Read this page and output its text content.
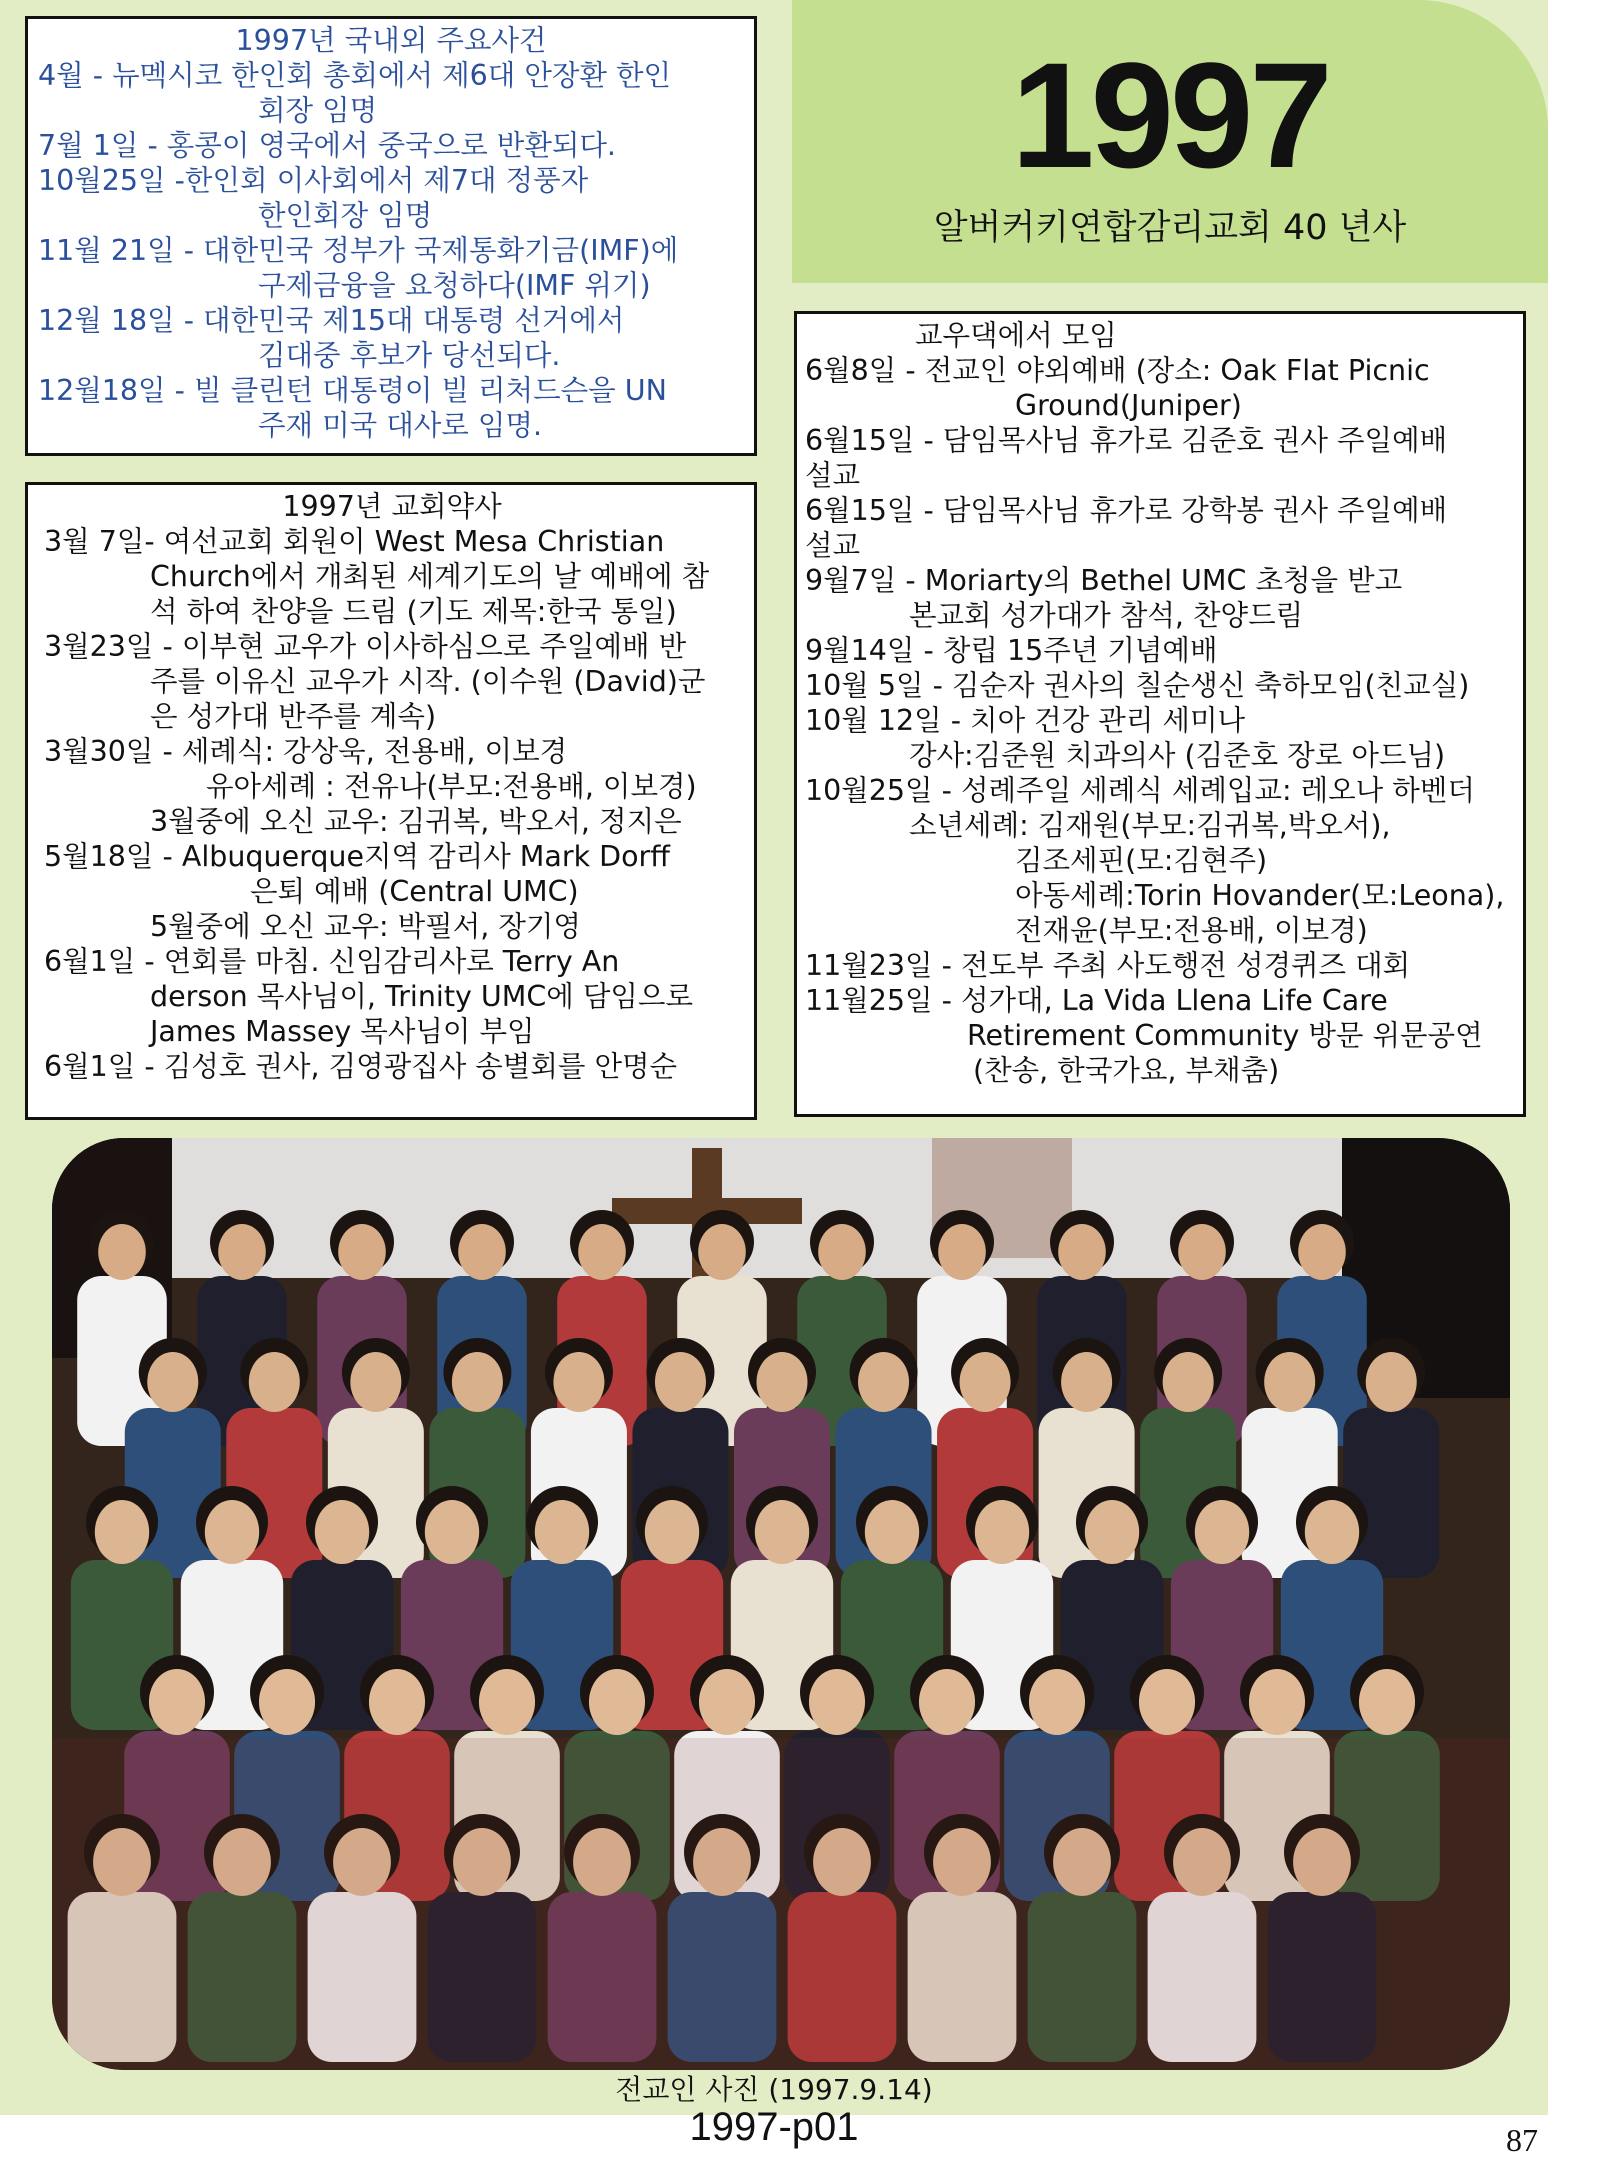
1997
알버커키연합감리교회 40 년사
1997년 국내외 주요사건
4월 - 뉴멕시코 한인회 총회에서 제6대 안장환 한인
회장 임명
7월 1일 - 홍콩이 영국에서 중국으로 반환되다.
10월25일 -한인회 이사회에서 제7대 정풍자
한인회장 임명
11월 21일 - 대한민국 정부가 국제통화기금(IMF)에
구제금융을 요청하다(IMF 위기)
12월 18일 - 대한민국 제15대 대통령 선거에서
김대중 후보가 당선되다.
12월18일 - 빌 클린턴 대통령이 빌 리처드슨을 UN
주재 미국 대사로 임명.
1997년 교회약사
3월 7일- 여선교회 회원이 West Mesa Christian
Church에서 개최된 세계기도의 날 예배에 참
석 하여 찬양을 드림 (기도 제목:한국 통일)
3월23일 - 이부현 교우가 이사하심으로 주일예배 반
주를 이유신 교우가 시작. (이수원 (David)군
은 성가대 반주를 계속)
3월30일 - 세례식: 강상욱, 전용배, 이보경
유아세례 : 전유나(부모:전용배, 이보경)
3월중에 오신 교우: 김귀복, 박오서, 정지은
5월18일 - Albuquerque지역 감리사 Mark Dorff
은퇴 예배 (Central UMC)
5월중에 오신 교우: 박필서, 장기영
6월1일 - 연회를 마침. 신임감리사로 Terry An
derson 목사님이, Trinity UMC에 담임으로
James Massey 목사님이 부임
6월1일 - 김성호 권사, 김영광집사 송별회를 안명순
교우댁에서 모임
6월8일 - 전교인 야외예배 (장소: Oak Flat Picnic
Ground(Juniper)
6월15일 - 담임목사님 휴가로 김준호 권사 주일예배
설교
6월15일 - 담임목사님 휴가로 강학봉 권사 주일예배
설교
9월7일 - Moriarty의 Bethel UMC 초청을 받고
본교회 성가대가 참석, 찬양드림
9월14일 - 창립 15주년 기념예배
10월 5일 - 김순자 권사의 칠순생신 축하모임(친교실)
10월 12일 - 치아 건강 관리 세미나
강사:김준원 치과의사 (김준호 장로 아드님)
10월25일 - 성례주일 세례식 세례입교: 레오나 하벤더
소년세례: 김재원(부모:김귀복,박오서),
김조세핀(모:김현주)
아동세례:Torin Hovander(모:Leona),
전재윤(부모:전용배, 이보경)
11월23일 - 전도부 주최 사도행전 성경퀴즈 대회
11월25일 - 성가대, La Vida Llena Life Care
Retirement Community 방문 위문공연
(찬송, 한국가요, 부채춤)
전교인 사진 (1997.9.14)
1997-p01	87
